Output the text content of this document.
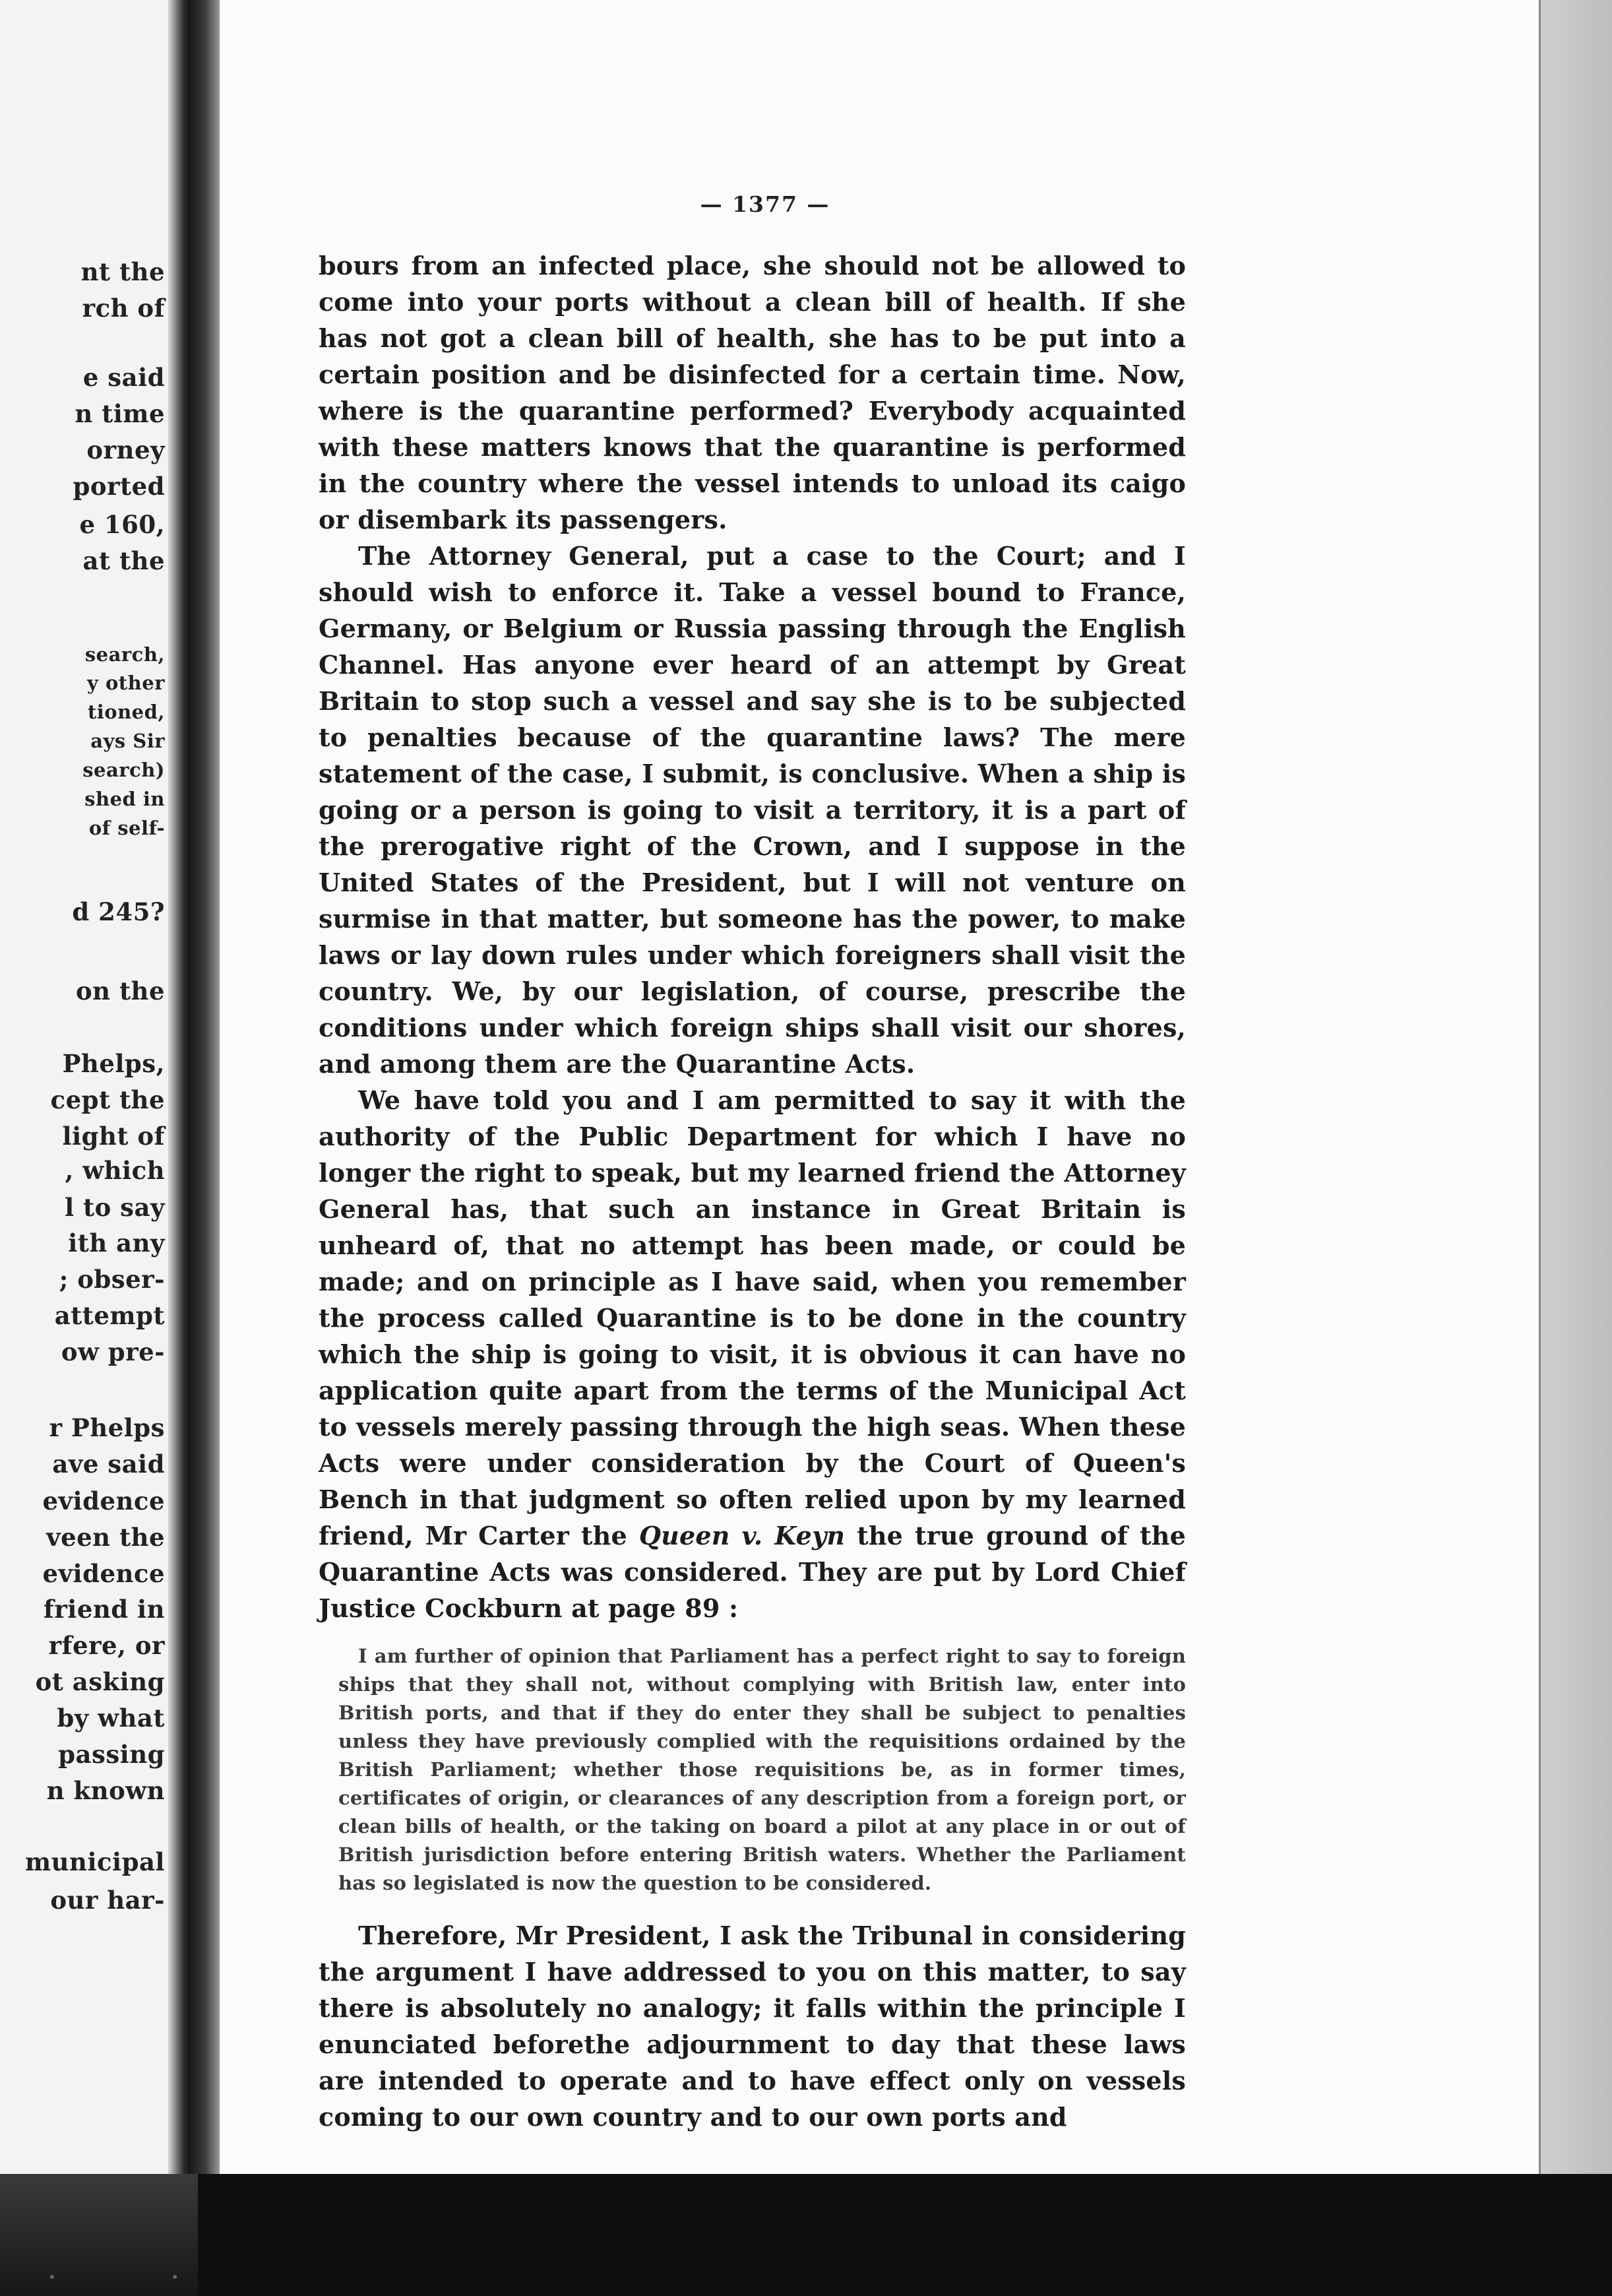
nt the
rch of
e said
n time
orney
ported
e 160,
at the
search,
y other
tioned,
ays Sir
search)
shed in
of self-
d 245?
on the
Phelps,
cept the
light of
, which
l to say
ith any
; obser-
attempt
ow pre-
r Phelps
ave said
evidence
veen the
evidence
friend in
rfere, or
ot asking
by what
passing
n known
municipal
our har-
— 1377 —

bours from an infected place, she should not be allowed to come into your ports without a clean bill of health. If she has not got a clean bill of health, she has to be put into a certain position and be disinfected for a certain time. Now, where is the quarantine performed? Everybody acquainted with these matters knows that the quarantine is performed in the country where the vessel intends to unload its caigo or disembark its passengers.

The Attorney General, put a case to the Court; and I should wish to enforce it. Take a vessel bound to France, Germany, or Belgium or Russia passing through the English Channel. Has anyone ever heard of an attempt by Great Britain to stop such a vessel and say she is to be subjected to penalties because of the quarantine laws? The mere statement of the case, I submit, is conclusive. When a ship is going or a person is going to visit a territory, it is a part of the prerogative right of the Crown, and I suppose in the United States of the President, but I will not venture on surmise in that matter, but someone has the power, to make laws or lay down rules under which foreigners shall visit the country. We, by our legislation, of course, prescribe the conditions under which foreign ships shall visit our shores, and among them are the Quarantine Acts.

We have told you and I am permitted to say it with the authority of the Public Department for which I have no longer the right to speak, but my learned friend the Attorney General has, that such an instance in Great Britain is unheard of, that no attempt has been made, or could be made; and on principle as I have said, when you remember the process called Quarantine is to be done in the country which the ship is going to visit, it is obvious it can have no application quite apart from the terms of the Municipal Act to vessels merely passing through the high seas. When these Acts were under consideration by the Court of Queen's Bench in that judgment so often relied upon by my learned friend, Mr Carter the Queen v. Keyn the true ground of the Quarantine Acts was considered. They are put by Lord Chief Justice Cockburn at page 89 :

I am further of opinion that Parliament has a perfect right to say to foreign ships that they shall not, without complying with British law, enter into British ports, and that if they do enter they shall be subject to penalties unless they have previously complied with the requisitions ordained by the British Parliament; whether those requisitions be, as in former times, certificates of origin, or clearances of any description from a foreign port, or clean bills of health, or the taking on board a pilot at any place in or out of British jurisdiction before entering British waters. Whether the Parliament has so legislated is now the question to be considered.

Therefore, Mr President, I ask the Tribunal in considering the argument I have addressed to you on this matter, to say there is absolutely no analogy; it falls within the principle I enunciated beforethe adjournment to day that these laws are intended to operate and to have effect only on vessels coming to our own country and to our own ports and
